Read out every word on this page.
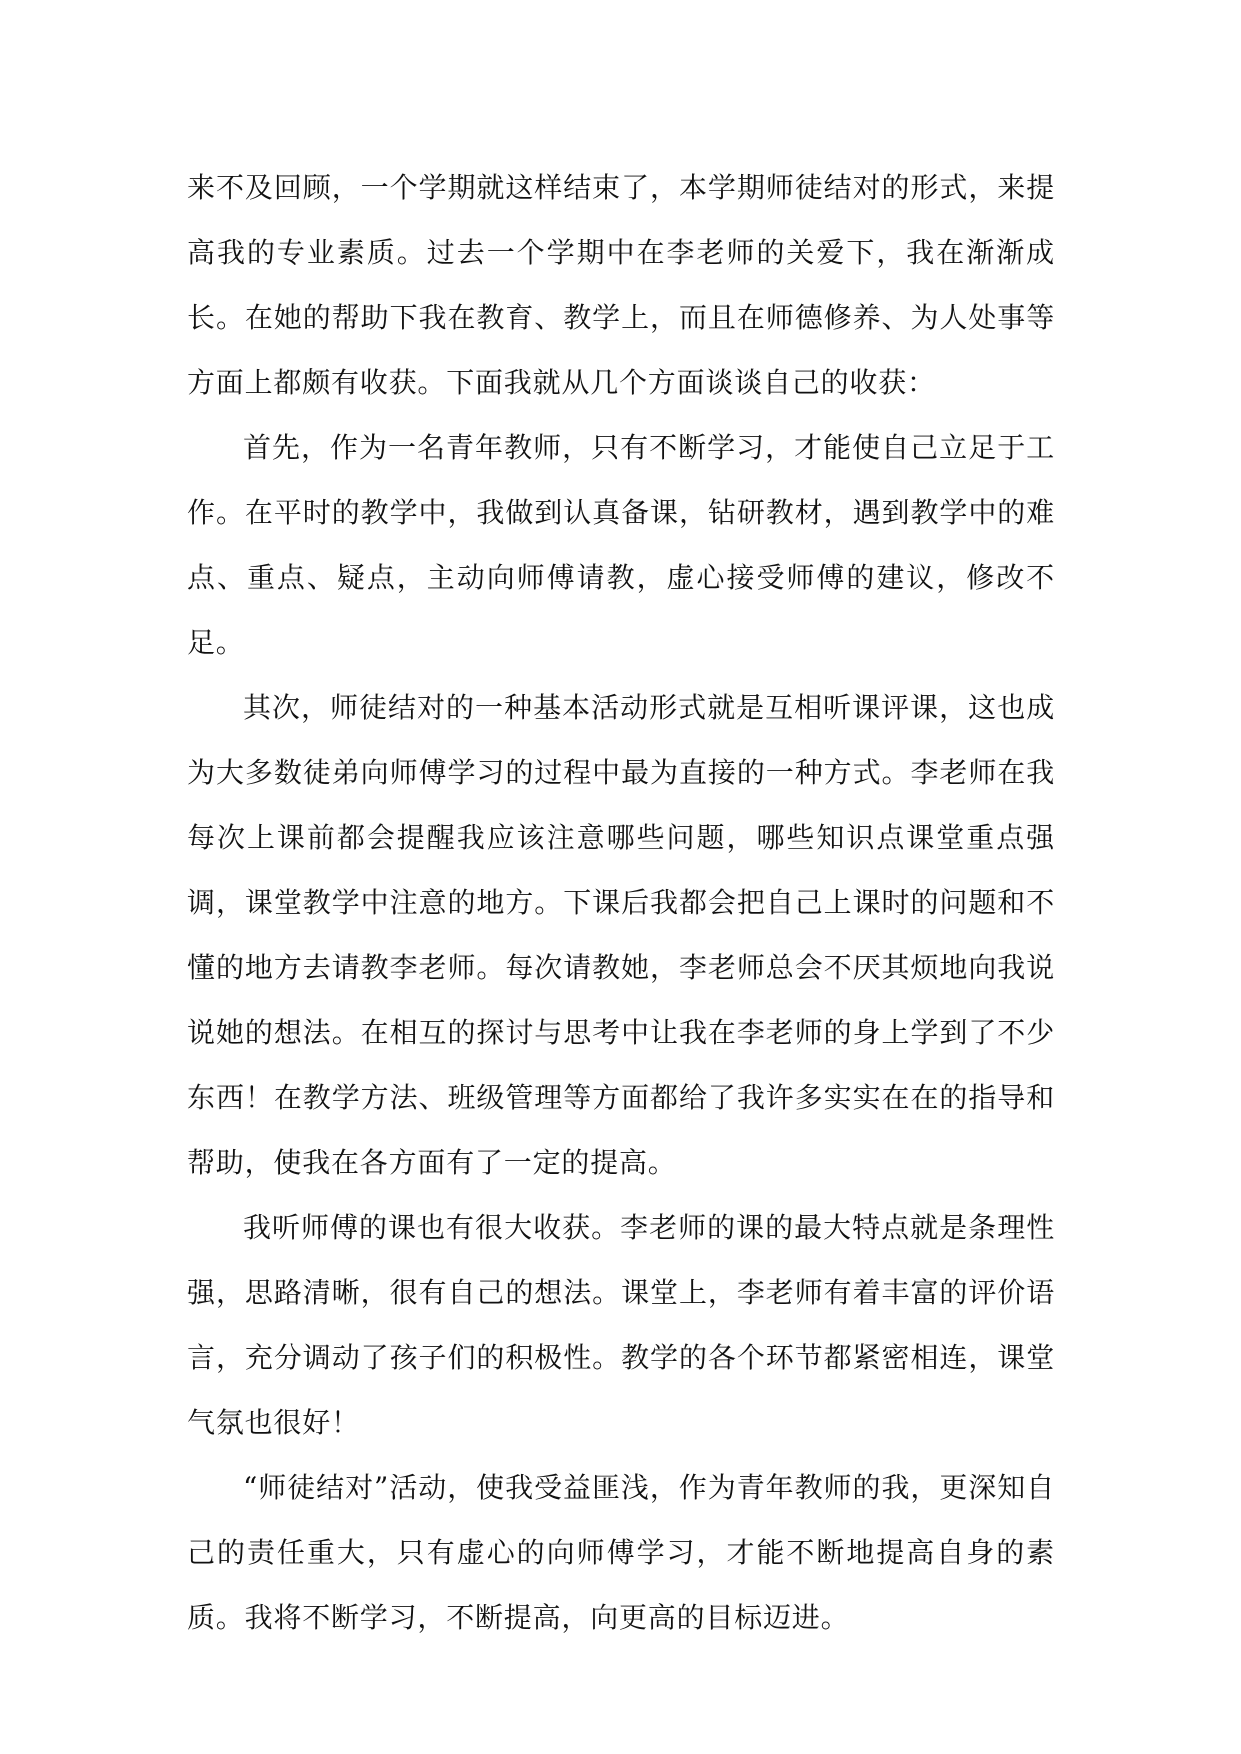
来不及回顾，一个学期就这样结束了，本学期师徒结对的形式，来提高我的专业素质。过去一个学期中在李老师的关爱下，我在渐渐成长。在她的帮助下我在教育、教学上，而且在师德修养、为人处事等方面上都颇有收获。下面我就从几个方面谈谈自己的收获：

首先，作为一名青年教师，只有不断学习，才能使自己立足于工作。在平时的教学中，我做到认真备课，钻研教材，遇到教学中的难点、重点、疑点，主动向师傅请教，虚心接受师傅的建议，修改不足。

其次，师徒结对的一种基本活动形式就是互相听课评课，这也成为大多数徒弟向师傅学习的过程中最为直接的一种方式。李老师在我每次上课前都会提醒我应该注意哪些问题，哪些知识点课堂重点强调，课堂教学中注意的地方。下课后我都会把自己上课时的问题和不懂的地方去请教李老师。每次请教她，李老师总会不厌其烦地向我说说她的想法。在相互的探讨与思考中让我在李老师的身上学到了不少东西！在教学方法、班级管理等方面都给了我许多实实在在的指导和帮助，使我在各方面有了一定的提高。

我听师傅的课也有很大收获。李老师的课的最大特点就是条理性强，思路清晰，很有自己的想法。课堂上，李老师有着丰富的评价语言，充分调动了孩子们的积极性。教学的各个环节都紧密相连，课堂气氛也很好！

“师徒结对”活动，使我受益匪浅，作为青年教师的我，更深知自己的责任重大，只有虚心的向师傅学习，才能不断地提高自身的素质。我将不断学习，不断提高，向更高的目标迈进。
